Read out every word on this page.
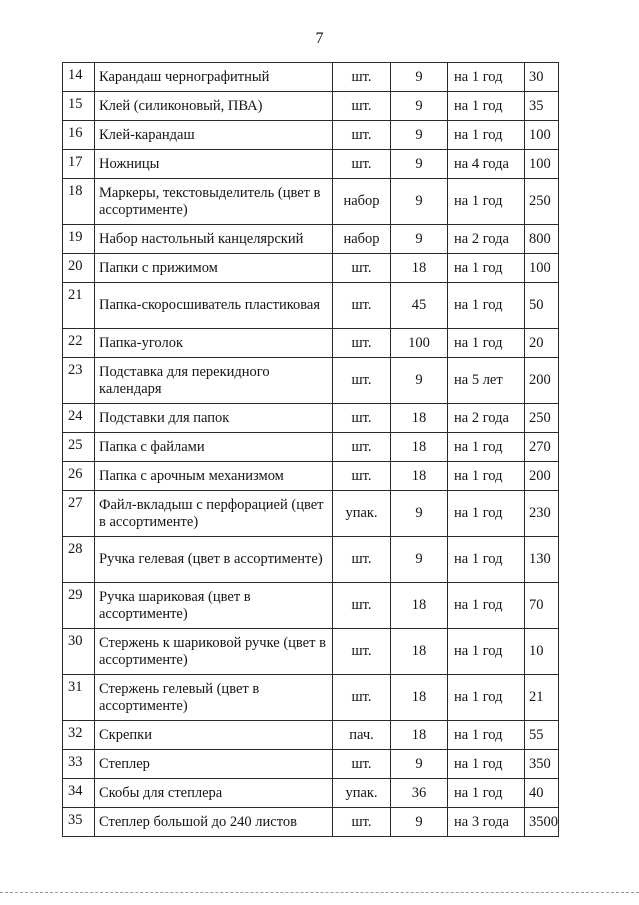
7
14	Карандаш чернографитный	шт.	9	на 1 год	30
15	Клей (силиконовый, ПВА)	шт.	9	на 1 год	35
16	Клей-карандаш	шт.	9	на 1 год	100
17	Ножницы	шт.	9	на 4 года	100
18	Маркеры, текстовыделитель (цвет в ассортименте)	набор	9	на 1 год	250
19	Набор настольный канцелярский	набор	9	на 2 года	800
20	Папки с прижимом	шт.	18	на 1 год	100
21	Папка-скоросшиватель пластиковая	шт.	45	на 1 год	50
22	Папка-уголок	шт.	100	на 1 год	20
23	Подставка для перекидного календаря	шт.	9	на 5 лет	200
24	Подставки для папок	шт.	18	на 2 года	250
25	Папка с файлами	шт.	18	на 1 год	270
26	Папка с арочным механизмом	шт.	18	на 1 год	200
27	Файл-вкладыш с перфорацией (цвет в ассортименте)	упак.	9	на 1 год	230
28	Ручка гелевая (цвет в ассортименте)	шт.	9	на 1 год	130
29	Ручка шариковая (цвет в ассортименте)	шт.	18	на 1 год	70
30	Стержень к шариковой ручке (цвет в ассортименте)	шт.	18	на 1 год	10
31	Стержень гелевый (цвет в ассортименте)	шт.	18	на 1 год	21
32	Скрепки	пач.	18	на 1 год	55
33	Степлер	шт.	9	на 1 год	350
34	Скобы для степлера	упак.	36	на 1 год	40
35	Степлер большой до 240 листов	шт.	9	на 3 года	3500
